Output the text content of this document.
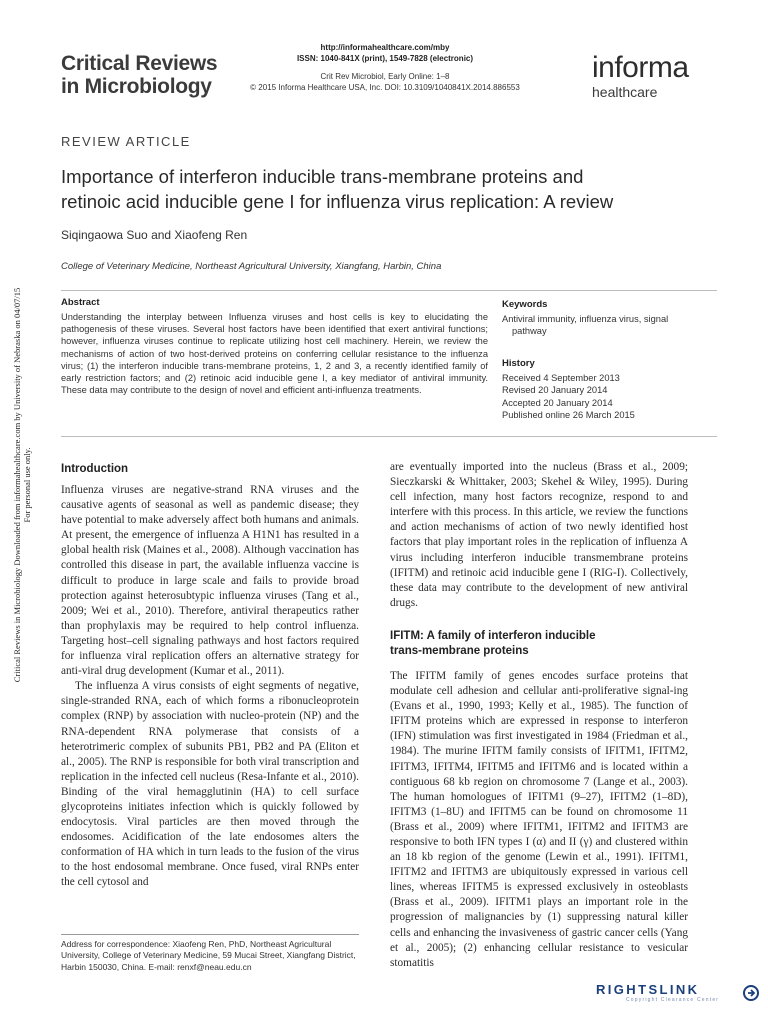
Critical Reviews
in Microbiology
http://informahealthcare.com/mby
ISSN: 1040-841X (print), 1549-7828 (electronic)
Crit Rev Microbiol, Early Online: 1–8
© 2015 Informa Healthcare USA, Inc. DOI: 10.3109/1040841X.2014.886553
informa
healthcare
REVIEW ARTICLE
Importance of interferon inducible trans-membrane proteins and
retinoic acid inducible gene I for influenza virus replication: A review
Siqingaowa Suo and Xiaofeng Ren
College of Veterinary Medicine, Northeast Agricultural University, Xiangfang, Harbin, China
Critical Reviews in Microbiology Downloaded from informahealthcare.com by University of Nebraska on 04/07/15 For personal use only.
Abstract
Understanding the interplay between Influenza viruses and host cells is key to elucidating the pathogenesis of these viruses. Several host factors have been identified that exert antiviral functions; however, influenza viruses continue to replicate utilizing host cell machinery. Herein, we review the mechanisms of action of two host-derived proteins on conferring cellular resistance to the influenza virus; (1) the interferon inducible trans-membrane proteins, 1, 2 and 3, a recently identified family of early restriction factors; and (2) retinoic acid inducible gene I, a key mediator of antiviral immunity. These data may contribute to the design of novel and efficient anti-influenza treatments.
Keywords
Antiviral immunity, influenza virus, signal
pathway
History
Received 4 September 2013
Revised 20 January 2014
Accepted 20 January 2014
Published online 26 March 2015
Introduction

Influenza viruses are negative-strand RNA viruses and the causative agents of seasonal as well as pandemic disease; they have potential to make adversely affect both humans and animals. At present, the emergence of influenza A H1N1 has resulted in a global health risk (Maines et al., 2008). Although vaccination has controlled this disease in part, the available influenza vaccine is difficult to produce in large scale and fails to provide broad protection against heterosubtypic influenza viruses (Tang et al., 2009; Wei et al., 2010). Therefore, antiviral therapeutics rather than prophylaxis may be required to help control influenza. Targeting host–cell signaling pathways and host factors required for influenza viral replication offers an alternative strategy for anti-viral drug development (Kumar et al., 2011).

The influenza A virus consists of eight segments of negative, single-stranded RNA, each of which forms a ribonucleoprotein complex (RNP) by association with nucleo-protein (NP) and the RNA-dependent RNA polymerase that consists of a heterotrimeric complex of subunits PB1, PB2 and PA (Eliton et al., 2005). The RNP is responsible for both viral transcription and replication in the infected cell nucleus (Resa-Infante et al., 2010). Binding of the viral hemagglutinin (HA) to cell surface glycoproteins initiates infection which is quickly followed by endocytosis. Viral particles are then moved through the endosomes. Acidification of the late endosomes alters the conformation of HA which in turn leads to the fusion of the virus to the host endosomal membrane. Once fused, viral RNPs enter the cell cytosol and

are eventually imported into the nucleus (Brass et al., 2009; Sieczkarski & Whittaker, 2003; Skehel & Wiley, 1995). During cell infection, many host factors recognize, respond to and interfere with this process. In this article, we review the functions and action mechanisms of action of two newly identified host factors that play important roles in the replication of influenza A virus including interferon inducible transmembrane proteins (IFITM) and retinoic acid inducible gene I (RIG-I). Collectively, these data may contribute to the development of new antiviral drugs.

IFITM: A family of interferon inducible
trans-membrane proteins

The IFITM family of genes encodes surface proteins that modulate cell adhesion and cellular anti-proliferative signal-ing (Evans et al., 1990, 1993; Kelly et al., 1985). The function of IFITM proteins which are expressed in response to interferon (IFN) stimulation was first investigated in 1984 (Friedman et al., 1984). The murine IFITM family consists of IFITM1, IFITM2, IFITM3, IFITM4, IFITM5 and IFITM6 and is located within a contiguous 68 kb region on chromosome 7 (Lange et al., 2003). The human homologues of IFITM1 (9–27), IFITM2 (1–8D), IFITM3 (1–8U) and IFITM5 can be found on chromosome 11 (Brass et al., 2009) where IFITM1, IFITM2 and IFITM3 are responsive to both IFN types I (α) and II (γ) and clustered within an 18 kb region of the genome (Lewin et al., 1991). IFITM1, IFITM2 and IFITM3 are ubiquitously expressed in various cell lines, whereas IFITM5 is expressed exclusively in osteoblasts (Brass et al., 2009). IFITM1 plays an important role in the progression of malignancies by (1) suppressing natural killer cells and enhancing the invasiveness of gastric cancer cells (Yang et al., 2005); (2) enhancing cellular resistance to vesicular stomatitis

Address for correspondence: Xiaofeng Ren, PhD, Northeast Agricultural University, College of Veterinary Medicine, 59 Mucai Street, Xiangfang District, Harbin 150030, China. E-mail: renxf@neau.edu.cn
RIGHTSLINK
Copyright Clearance Center
